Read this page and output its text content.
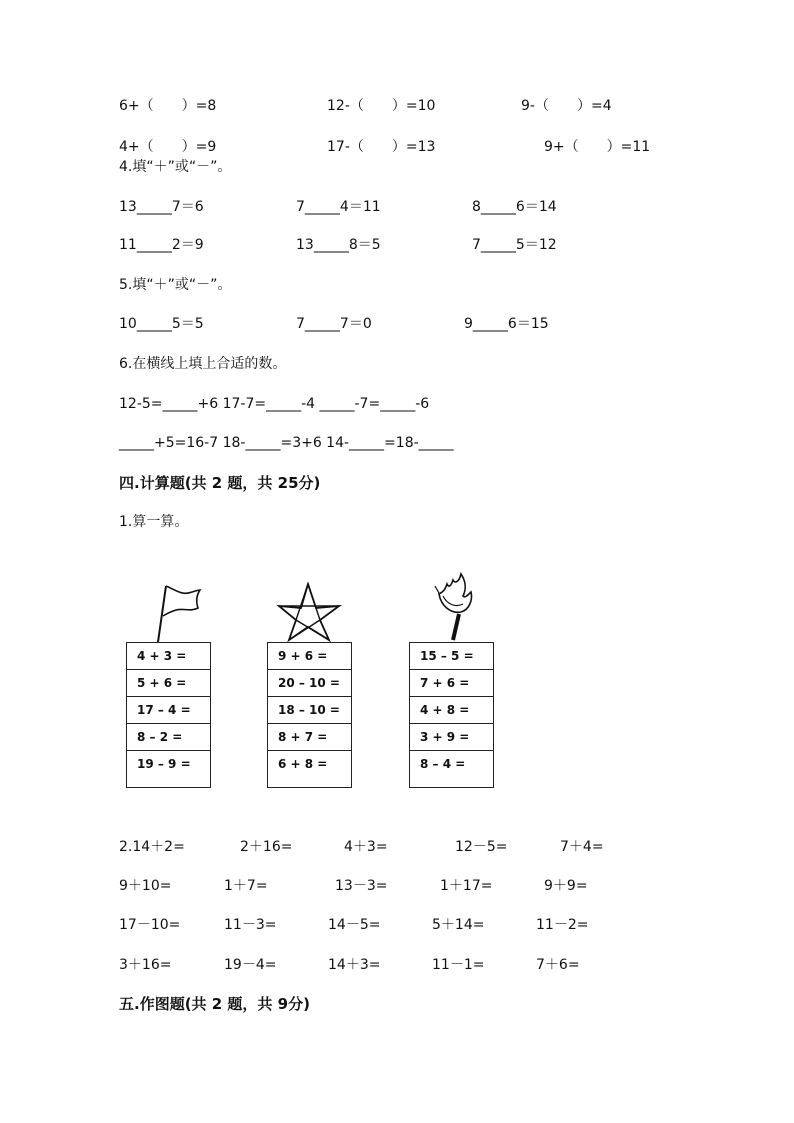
6+（　　）=8	12-（　　）=10	9-（　　）=4
4+（　　）=9	17-（　　）=13	9+（　　）=11
4.填“＋”或“－”。
13_____7＝6	7_____4＝11	8_____6＝14
11_____2＝9	13_____8＝5	7_____5＝12
5.填“＋”或“－”。
10_____5＝5	7_____7＝0	9_____6＝15
6.在横线上填上合适的数。
12-5=_____+6 17-7=_____-4 _____-7=_____-6
_____+5=16-7 18-_____=3+6 14-_____=18-_____
四.计算题(共 2 题，共 25分)
1.算一算。
4 + 3 =
5 + 6 =
17 – 4 =
8 – 2 =
19 – 9 =
9 + 6 =
20 – 10 =
18 – 10 =
8 + 7 =
6 + 8 =
15 – 5 =
7 + 6 =
4 + 8 =
3 + 9 =
8 – 4 =
2.14＋2=	2＋16=	4＋3=	12－5=	7＋4=
9＋10=	1＋7=	13－3=	1＋17=	9＋9=
17－10=	11－3=	14－5=	5＋14=	11－2=
3＋16=	19－4=	14＋3=	11－1=	7＋6=
五.作图题(共 2 题，共 9分)
